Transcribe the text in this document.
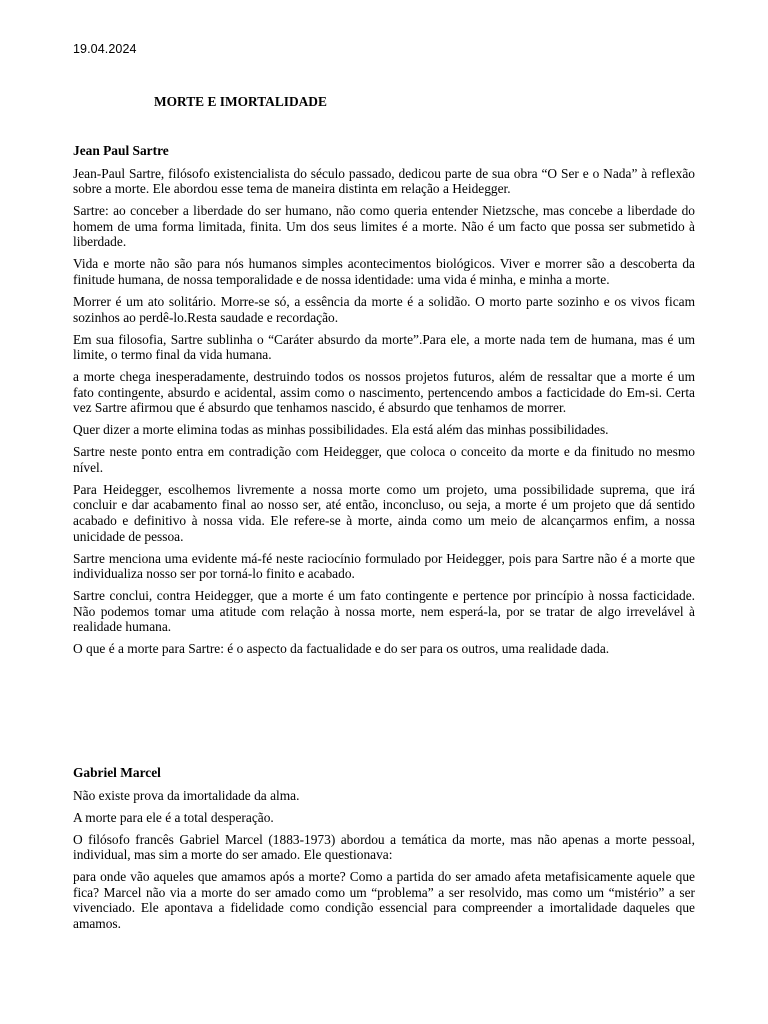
19.04.2024
MORTE E IMORTALIDADE
Jean Paul Sartre

Jean-Paul Sartre, filósofo existencialista do século passado, dedicou parte de sua obra “O Ser e o Nada” à reflexão sobre a morte. Ele abordou esse tema de maneira distinta em relação a Heidegger.

Sartre: ao conceber a liberdade do ser humano, não como queria entender Nietzsche, mas concebe a liberdade do homem de uma forma limitada, finita. Um dos seus limites é a morte. Não é um facto que possa ser submetido à liberdade.

Vida e morte não são para nós humanos simples acontecimentos biológicos. Viver e morrer são a descoberta da finitude humana, de nossa temporalidade e de nossa identidade: uma vida é minha, e minha a morte.

Morrer é um ato solitário. Morre-se só, a essência da morte é a solidão. O morto parte sozinho e os vivos ficam sozinhos ao perdê-lo.Resta saudade e recordação.

Em sua filosofia, Sartre sublinha o “Caráter absurdo da morte”.Para ele, a morte nada tem de humana, mas é um limite, o termo final da vida humana.

a morte chega inesperadamente, destruindo todos os nossos projetos futuros, além de ressaltar que a morte é um fato contingente, absurdo e acidental, assim como o nascimento, pertencendo ambos a facticidade do Em-si. Certa vez Sartre afirmou que é absurdo que tenhamos nascido, é absurdo que tenhamos de morrer.

Quer dizer a morte elimina todas as minhas possibilidades. Ela está além das minhas possibilidades.

Sartre neste ponto entra em contradição com Heidegger, que coloca o conceito da morte e da finitudo no mesmo nível.

Para Heidegger, escolhemos livremente a nossa morte como um projeto, uma possibilidade suprema, que irá concluir e dar acabamento final ao nosso ser, até então, inconcluso, ou seja, a morte é um projeto que dá sentido acabado e definitivo à nossa vida. Ele refere-se à morte, ainda como um meio de alcançarmos enfim, a nossa unicidade de pessoa.

Sartre menciona uma evidente má-fé neste raciocínio formulado por Heidegger, pois para Sartre não é a morte que individualiza nosso ser por torná-lo finito e acabado.

Sartre conclui, contra Heidegger, que a morte é um fato contingente e pertence por princípio à nossa facticidade. Não podemos tomar uma atitude com relação à nossa morte, nem esperá-la, por se tratar de algo irrevelável à realidade humana.

O que é a morte para Sartre: é o aspecto da factualidade e do ser para os outros, uma realidade dada.

Gabriel Marcel

Não existe prova da imortalidade da alma.

A morte para ele é a total desperação.

O filósofo francês Gabriel Marcel (1883-1973) abordou a temática da morte, mas não apenas a morte pessoal, individual, mas sim a morte do ser amado. Ele questionava:

para onde vão aqueles que amamos após a morte? Como a partida do ser amado afeta metafisicamente aquele que fica? Marcel não via a morte do ser amado como um “problema” a ser resolvido, mas como um “mistério” a ser vivenciado. Ele apontava a fidelidade como condição essencial para compreender a imortalidade daqueles que amamos.
